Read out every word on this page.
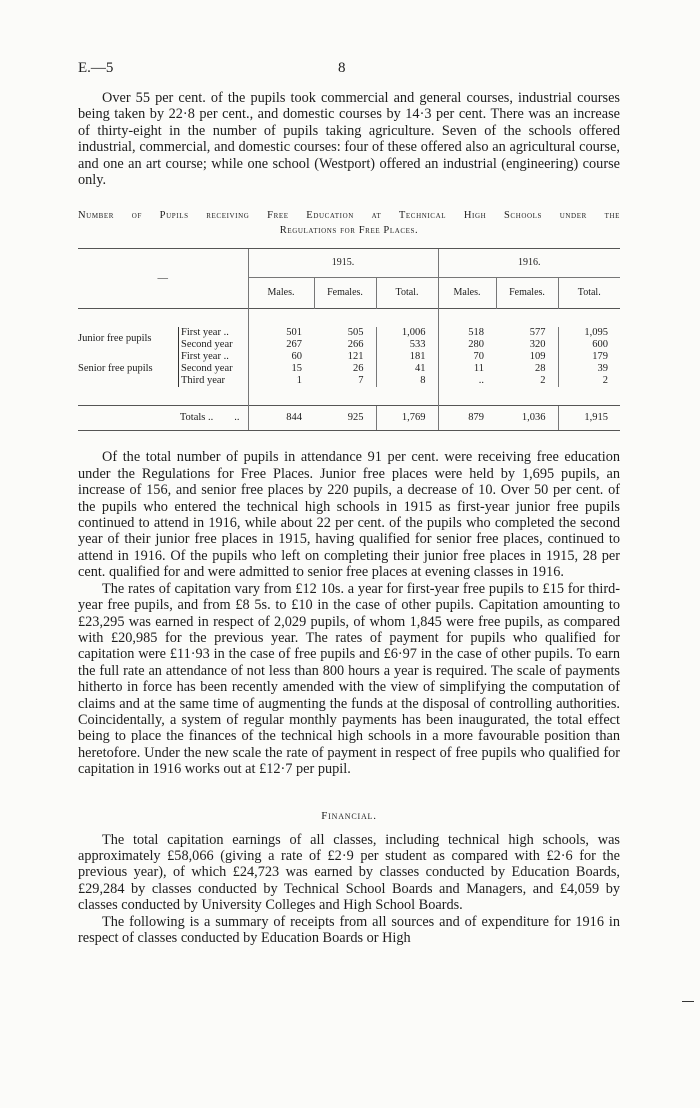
E.—5	8

Over 55 per cent. of the pupils took commercial and general courses, industrial courses being taken by 22·8 per cent., and domestic courses by 14·3 per cent. There was an increase of thirty-eight in the number of pupils taking agriculture. Seven of the schools offered industrial, commercial, and domestic courses: four of these offered also an agricultural course, and one an art course; while one school (Westport) offered an industrial (engineering) course only.

Number of Pupils receiving Free Education at Technical High Schools under the
Regulations for Free Places.

—		1915.			1916.		
		Males.	Females.	Total.	Males.	Females.	Total.

Junior free pupils	First year ..	501	505	1,006	518	577	1,095
	Second year	267	266	533	280	320	600
Senior free pupils	First year ..	60	121	181	70	109	179
	Second year	15	26	41	11	28	39
	Third year	1	7	8	..	2	2

Totals ..        ..		844	925	1,769	879	1,036	1,915

Of the total number of pupils in attendance 91 per cent. were receiving free education under the Regulations for Free Places. Junior free places were held by 1,695 pupils, an increase of 156, and senior free places by 220 pupils, a decrease of 10. Over 50 per cent. of the pupils who entered the technical high schools in 1915 as first-year junior free pupils continued to attend in 1916, while about 22 per cent. of the pupils who completed the second year of their junior free places in 1915, having qualified for senior free places, continued to attend in 1916. Of the pupils who left on completing their junior free places in 1915, 28 per cent. qualified for and were admitted to senior free places at evening classes in 1916.

The rates of capitation vary from £12 10s. a year for first-year free pupils to £15 for third-year free pupils, and from £8 5s. to £10 in the case of other pupils. Capitation amounting to £23,295 was earned in respect of 2,029 pupils, of whom 1,845 were free pupils, as compared with £20,985 for the previous year. The rates of payment for pupils who qualified for capitation were £11·93 in the case of free pupils and £6·97 in the case of other pupils. To earn the full rate an attendance of not less than 800 hours a year is required. The scale of payments hitherto in force has been recently amended with the view of simplifying the computation of claims and at the same time of augmenting the funds at the disposal of controlling authorities. Coincidentally, a system of regular monthly payments has been inaugurated, the total effect being to place the finances of the technical high schools in a more favourable position than heretofore. Under the new scale the rate of payment in respect of free pupils who qualified for capitation in 1916 works out at £12·7 per pupil.

Financial.

The total capitation earnings of all classes, including technical high schools, was approximately £58,066 (giving a rate of £2·9 per student as compared with £2·6 for the previous year), of which £24,723 was earned by classes conducted by Education Boards, £29,284 by classes conducted by Technical School Boards and Managers, and £4,059 by classes conducted by University Colleges and High School Boards.

The following is a summary of receipts from all sources and of expenditure for 1916 in respect of classes conducted by Education Boards or High
